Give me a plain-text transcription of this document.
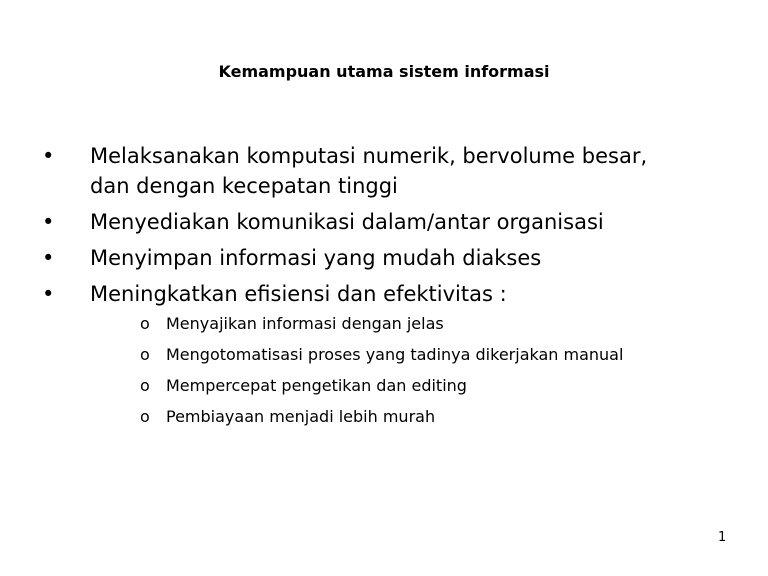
Kemampuan utama sistem informasi
• Melaksanakan komputasi numerik, bervolume besar, dan dengan kecepatan tinggi
• Menyediakan komunikasi dalam/antar organisasi
• Menyimpan informasi yang mudah diakses
• Meningkatkan efisiensi dan efektivitas :
o Menyajikan informasi dengan jelas
o Mengotomatisasi proses yang tadinya dikerjakan manual
o Mempercepat pengetikan dan editing
o Pembiayaan menjadi lebih murah
1
